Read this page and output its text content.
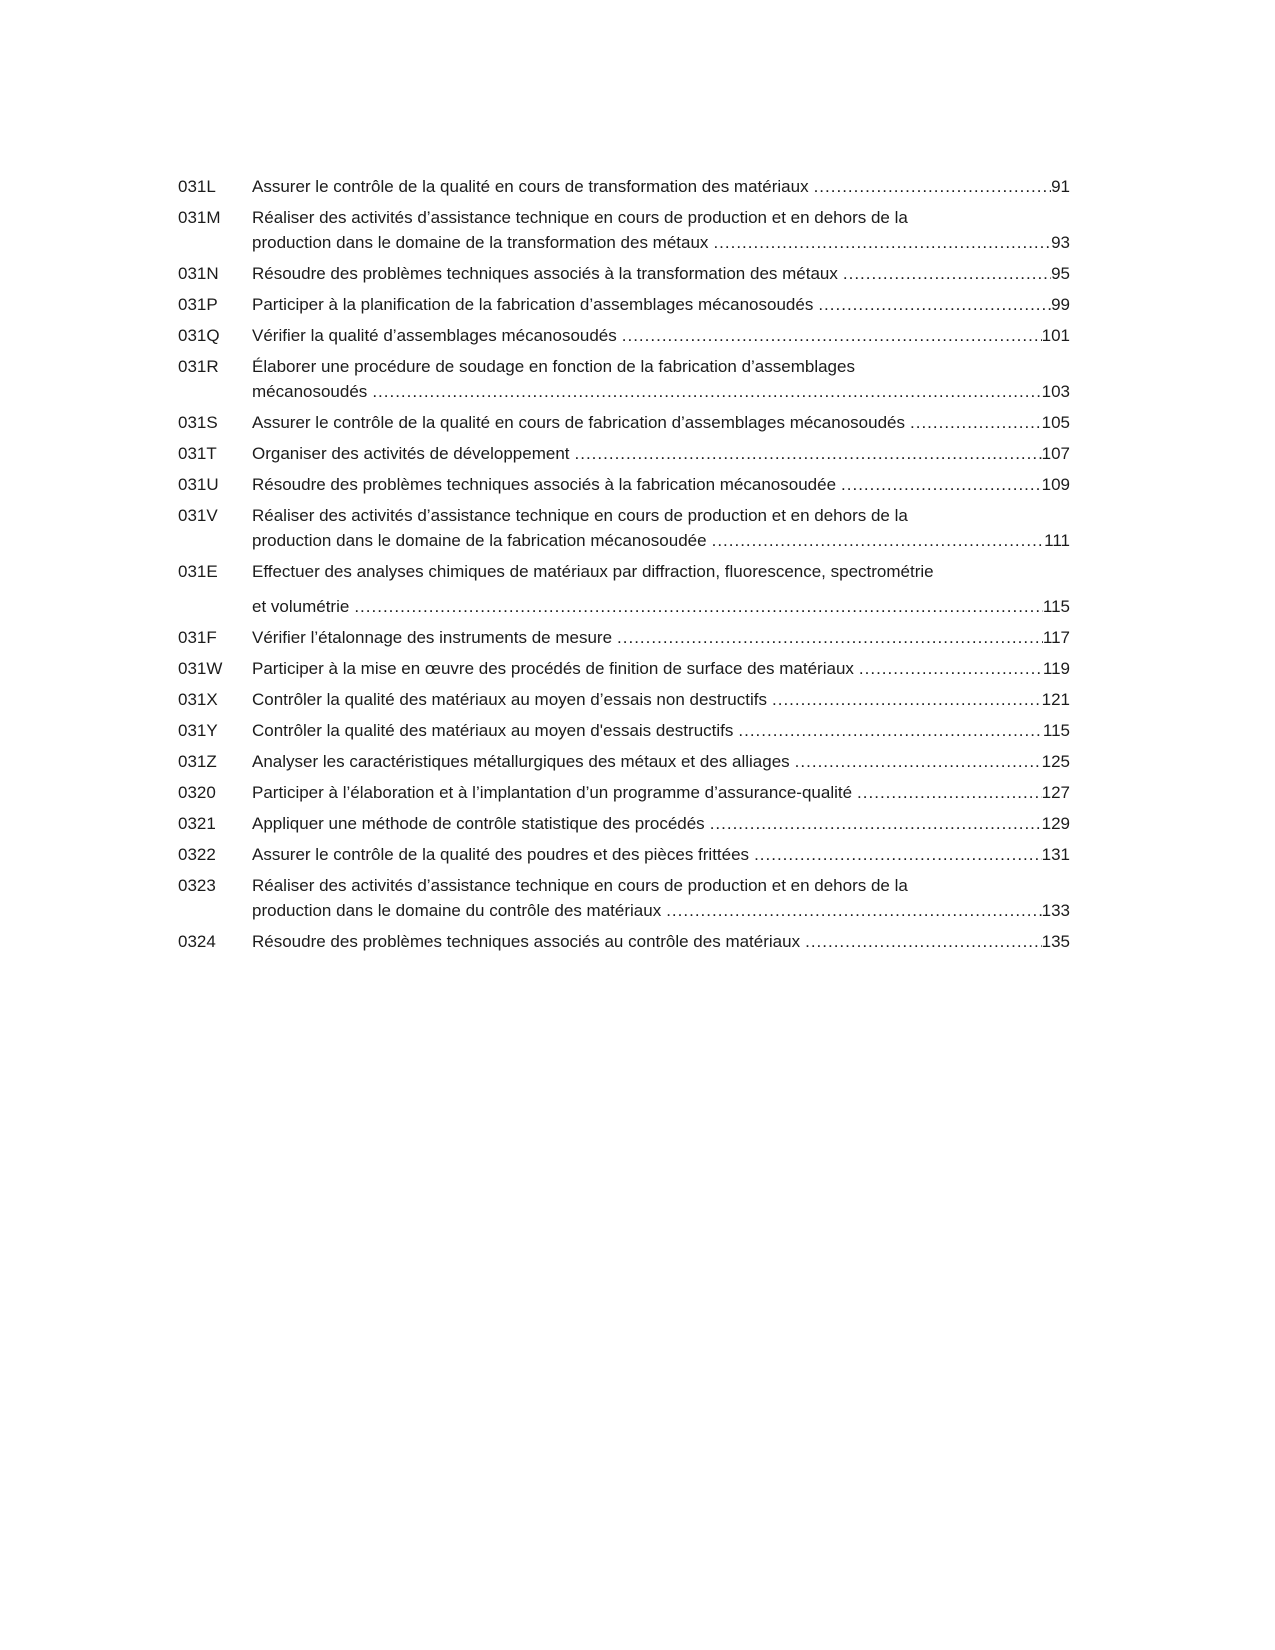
031L	Assurer le contrôle de la qualité en cours de transformation des matériaux .....	91
031M	Réaliser des activités d’assistance technique en cours de production et en dehors de la
production dans le domaine de la transformation des métaux .....	93
031N	Résoudre des problèmes techniques associés à la transformation des métaux .....	95
031P	Participer à la planification de la fabrication d’assemblages mécanosoudés .....	99
031Q	Vérifier la qualité d’assemblages mécanosoudés .....	101
031R	Élaborer une procédure de soudage en fonction de la fabrication d’assemblages
mécanosoudés .....	103
031S	Assurer le contrôle de la qualité en cours de fabrication d’assemblages mécanosoudés .....	105
031T	Organiser des activités de développement .....	107
031U	Résoudre des problèmes techniques associés à la fabrication mécanosoudée .....	109
031V	Réaliser des activités d’assistance technique en cours de production et en dehors de la
production dans le domaine de la fabrication mécanosoudée .....	111
031E	Effectuer des analyses chimiques de matériaux par diffraction, fluorescence, spectrométrie
et volumétrie .....	115
031F	Vérifier l’étalonnage des instruments de mesure .....	117
031W	Participer à la mise en œuvre des procédés de finition de surface des matériaux .....	119
031X	Contrôler la qualité des matériaux au moyen d’essais non destructifs .....	121
031Y	Contrôler la qualité des matériaux au moyen d'essais destructifs .....	115
031Z	Analyser les caractéristiques métallurgiques des métaux et des alliages .....	125
0320	Participer à l’élaboration et à l’implantation d’un programme d’assurance-qualité .....	127
0321	Appliquer une méthode de contrôle statistique des procédés .....	129
0322	Assurer le contrôle de la qualité des poudres et des pièces frittées .....	131
0323	Réaliser des activités d’assistance technique en cours de production et en dehors de la
production dans le domaine du contrôle des matériaux .....	133
0324	Résoudre des problèmes techniques associés au contrôle des matériaux .....	135
